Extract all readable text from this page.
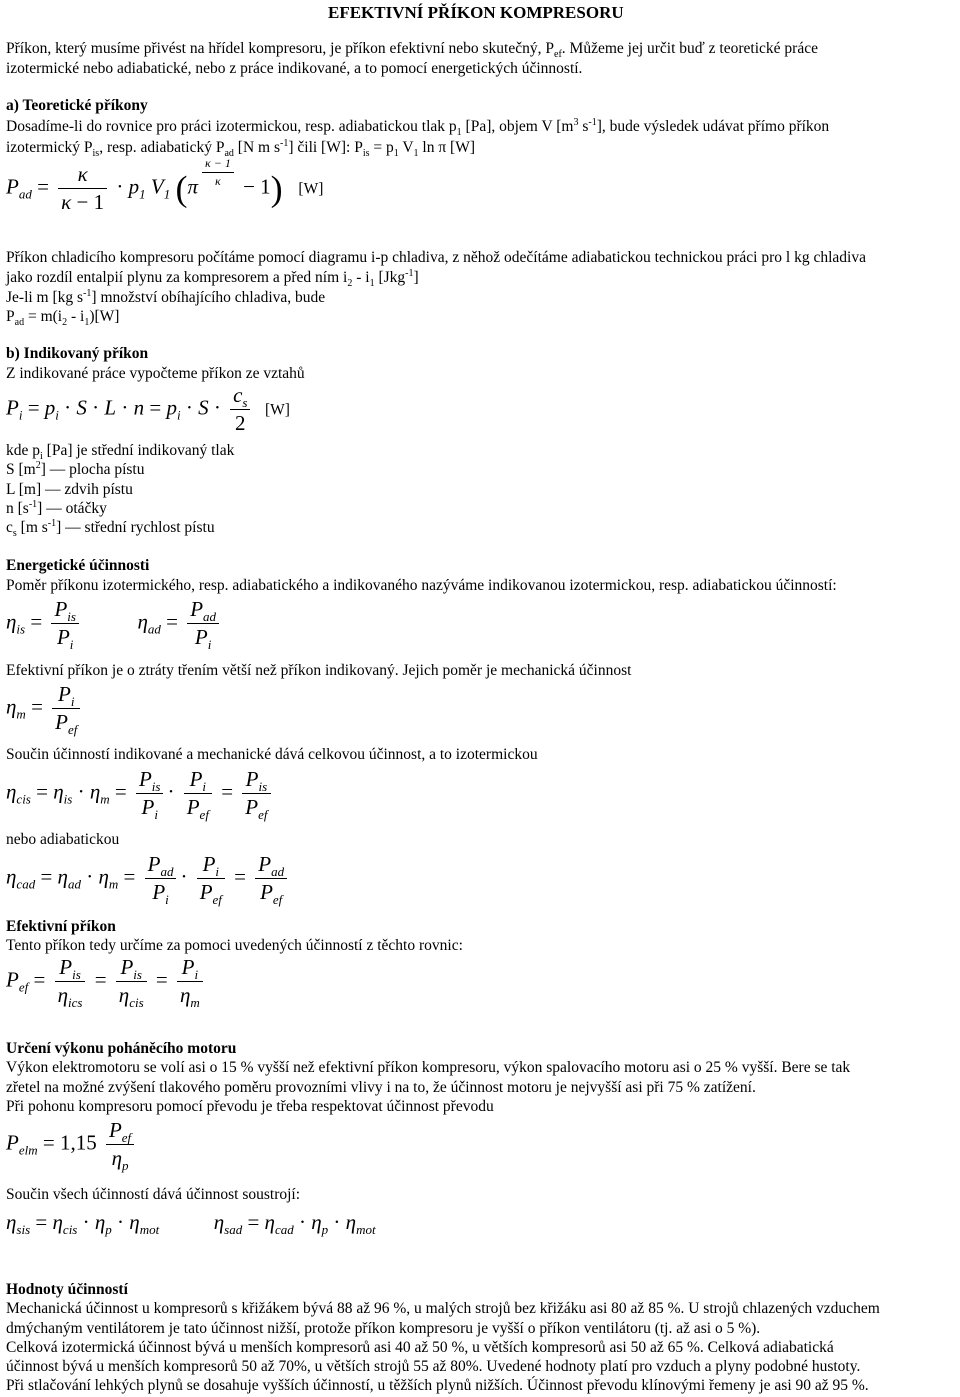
EFEKTIVNÍ PŘÍKON KOMPRESORU
Příkon, který musíme přivést na hřídel kompresoru, je příkon efektivní nebo skutečný, $P_{ef}$. Můžeme jej určit buď z teoretické práce
izotermické nebo adiabatické, nebo z práce indikované, a to pomocí energetických účinností.
a) Teoretické příkony
Dosadíme-li do rovnice pro práci izotermickou, resp. adiabatickou tlak $p_1$ [Pa], objem V [$m^3$ $s^{-1}$], bude výsledek udávat přímo příkon
izotermický $P_{is}$, resp. adiabatický $P_{ad}$ [N m $s^{-1}$] čili [W]: $P_{is} = p_1$ $V_1$ ln π [W]
$P_{ad} = \frac{\kappa}{\kappa - 1} \cdot p_1$ $V_1$ $(\pi \frac{\kappa - 1}{\kappa} - 1)$ [W]
Příkon chladicího kompresoru počítáme pomocí diagramu i-p chladiva, z něhož odečítáme adiabatickou technickou práci pro l kg chladiva
jako rozdíl entalpií plynu za kompresorem a před ním $i_2 - i_1$ [Jkg$^{-1}$]
Je-li m [kg $s^{-1}$] množství obíhajícího chladiva, bude
$P_{ad} = m(i_2 - i_1)[W]$
b) Indikovaný příkon
Z indikované práce vypočteme příkon ze vztahů
$P_i = p_i \cdot S \cdot L \cdot n = p_i \cdot S \cdot \frac{c_s}{2} [W]$
kde $p_i$ [Pa] je střední indikovaný tlak
S $[m^2]$ — plocha pístu
L [m] — zdvih pístu
n $[s^{-1}]$ — otáčky
$c_s$ [m $s^{-1}$] — střední rychlost pístu
Energetické účinnosti
Poměr příkonu izotermického, resp. adiabatického a indikovaného nazýváme indikovanou izotermickou, resp. adiabatickou účinností:
$\eta_{is} = \frac{P_{is}}{P_i}$	$\eta_{ad} = \frac{P_{ad}}{P_i}$
Efektivní příkon je o ztráty třením větší než příkon indikovaný. Jejich poměr je mechanická účinnost
$\eta_m = \frac{P_i}{P_{ef}}$
Součin účinností indikované a mechanické dává celkovou účinnost, a to izotermickou
$\eta_{cis} = \eta_{is} \cdot \eta_m = \frac{P_{is}}{P_i} \cdot \frac{P_i}{P_{ef}} = \frac{P_{is}}{P_{ef}}$
nebo adiabatickou
$\eta_{cad} = \eta_{ad} \cdot \eta_m = \frac{P_{ad}}{P_i} \cdot \frac{P_i}{P_{ef}} = \frac{P_{ad}}{P_{ef}}$
Efektivní příkon
Tento příkon tedy určíme za pomoci uvedených účinností z těchto rovnic:
$P_{ef} = \frac{P_{is}}{\eta_{ics}} = \frac{P_{is}}{\eta_{cis}} = \frac{P_i}{\eta_m}$
Určení výkonu poháněcího motoru
Výkon elektromotoru se volí asi o 15 % vyšší než efektivní příkon kompresoru, výkon spalovacího motoru asi o 25 % vyšší. Bere se tak
zřetel na možné zvýšení tlakového poměru provozními vlivy i na to, že účinnost motoru je nejvyšší asi při 75 % zatížení.
Při pohonu kompresoru pomocí převodu je třeba respektovat účinnost převodu
$P_{elm} = 1,15 \frac{P_{ef}}{\eta_p}$
Součin všech účinností dává účinnost soustrojí:
$\eta_{sis} = \eta_{cis} \cdot \eta_p \cdot \eta_{mot}$	$\eta_{sad} = \eta_{cad} \cdot \eta_p \cdot \eta_{mot}$
Hodnoty účinností
Mechanická účinnost u kompresorů s křižákem bývá 88 až 96 %, u malých strojů bez křižáku asi 80 až 85 %. U strojů chlazených vzduchem
dmýchaným ventilátorem je tato účinnost nižší, protože příkon kompresoru je vyšší o příkon ventilátoru (tj. až asi o 5 %).
Celková izotermická účinnost bývá u menších kompresorů asi 40 až 50 %, u větších kompresorů asi 50 až 65 %. Celková adiabatická
účinnost bývá u menších kompresorů 50 až 70%, u větších strojů 55 až 80%. Uvedené hodnoty platí pro vzduch a plyny podobné hustoty.
Při stlačování lehkých plynů se dosahuje vyšších účinností, u těžších plynů nižších. Účinnost převodu klínovými řemeny je asi 90 až 95 %.
